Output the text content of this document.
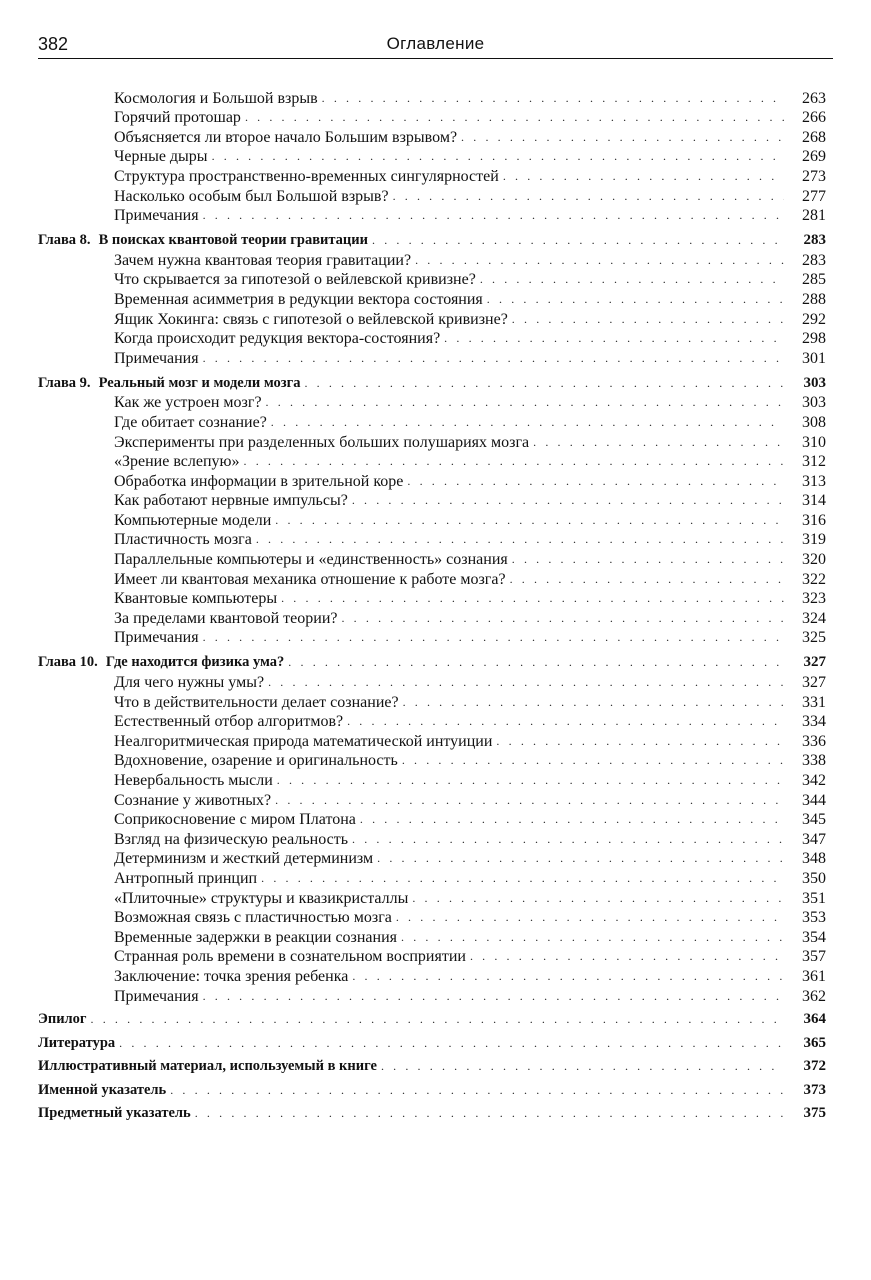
382	Оглавление
Космология и Большой взрыв . . .	263
Горячий протошар . . .	266
Объясняется ли второе начало Большим взрывом? . . .	268
Черные дыры . . .	269
Структура пространственно-временных сингулярностей . . .	273
Насколько особым был Большой взрыв? . . .	277
Примечания . . .	281
Глава 8. В поисках квантовой теории гравитации . . .	283
Зачем нужна квантовая теория гравитации? . . .	283
Что скрывается за гипотезой о вейлевской кривизне? . . .	285
Временная асимметрия в редукции вектора состояния . . .	288
Ящик Хокинга: связь с гипотезой о вейлевской кривизне? . . .	292
Когда происходит редукция вектора-состояния? . . .	298
Примечания . . .	301
Глава 9. Реальный мозг и модели мозга . . .	303
Как же устроен мозг? . . .	303
Где обитает сознание? . . .	308
Эксперименты при разделенных больших полушариях мозга . . .	310
«Зрение вслепую» . . .	312
Обработка информации в зрительной коре . . .	313
Как работают нервные импульсы? . . .	314
Компьютерные модели . . .	316
Пластичность мозга . . .	319
Параллельные компьютеры и «единственность» сознания . . .	320
Имеет ли квантовая механика отношение к работе мозга? . . .	322
Квантовые компьютеры . . .	323
За пределами квантовой теории? . . .	324
Примечания . . .	325
Глава 10. Где находится физика ума? . . .	327
Для чего нужны умы? . . .	327
Что в действительности делает сознание? . . .	331
Естественный отбор алгоритмов? . . .	334
Неалгоритмическая природа математической интуиции . . .	336
Вдохновение, озарение и оригинальность . . .	338
Невербальность мысли . . .	342
Сознание у животных? . . .	344
Соприкосновение с миром Платона . . .	345
Взгляд на физическую реальность . . .	347
Детерминизм и жесткий детерминизм . . .	348
Антропный принцип . . .	350
«Плиточные» структуры и квазикристаллы . . .	351
Возможная связь с пластичностью мозга . . .	353
Временные задержки в реакции сознания . . .	354
Странная роль времени в сознательном восприятии . . .	357
Заключение: точка зрения ребенка . . .	361
Примечания . . .	362
Эпилог . . .	364
Литература . . .	365
Иллюстративный материал, используемый в книге . . .	372
Именной указатель . . .	373
Предметный указатель . . .	375
